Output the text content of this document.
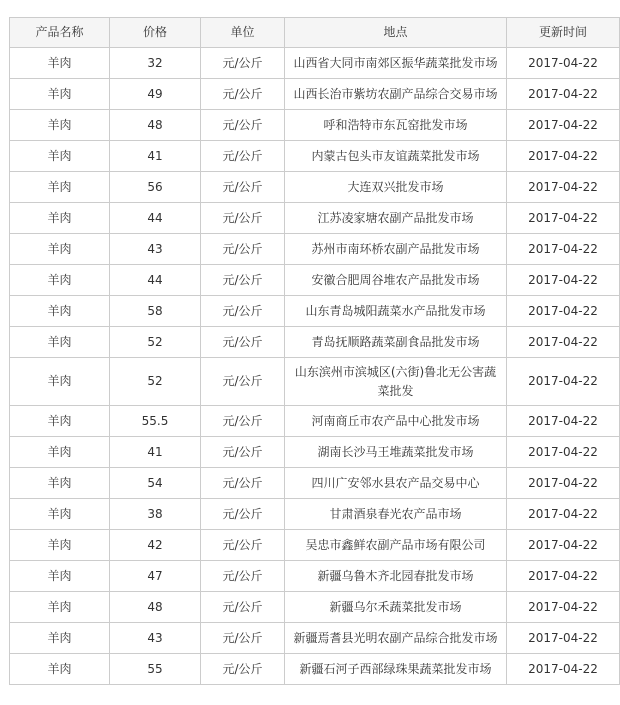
产品名称	价格	单位	地点	更新时间
羊肉	32	元/公斤	山西省大同市南郊区振华蔬菜批发市场	2017-04-22
羊肉	49	元/公斤	山西长治市紫坊农副产品综合交易市场	2017-04-22
羊肉	48	元/公斤	呼和浩特市东瓦窑批发市场	2017-04-22
羊肉	41	元/公斤	内蒙古包头市友谊蔬菜批发市场	2017-04-22
羊肉	56	元/公斤	大连双兴批发市场	2017-04-22
羊肉	44	元/公斤	江苏凌家塘农副产品批发市场	2017-04-22
羊肉	43	元/公斤	苏州市南环桥农副产品批发市场	2017-04-22
羊肉	44	元/公斤	安徽合肥周谷堆农产品批发市场	2017-04-22
羊肉	58	元/公斤	山东青岛城阳蔬菜水产品批发市场	2017-04-22
羊肉	52	元/公斤	青岛抚顺路蔬菜副食品批发市场	2017-04-22
羊肉	52	元/公斤	山东滨州市滨城区(六街)鲁北无公害蔬菜批发	2017-04-22
羊肉	55.5	元/公斤	河南商丘市农产品中心批发市场	2017-04-22
羊肉	41	元/公斤	湖南长沙马王堆蔬菜批发市场	2017-04-22
羊肉	54	元/公斤	四川广安邻水县农产品交易中心	2017-04-22
羊肉	38	元/公斤	甘肃酒泉春光农产品市场	2017-04-22
羊肉	42	元/公斤	吴忠市鑫鲜农副产品市场有限公司	2017-04-22
羊肉	47	元/公斤	新疆乌鲁木齐北园春批发市场	2017-04-22
羊肉	48	元/公斤	新疆乌尔禾蔬菜批发市场	2017-04-22
羊肉	43	元/公斤	新疆焉耆县光明农副产品综合批发市场	2017-04-22
羊肉	55	元/公斤	新疆石河子西部绿珠果蔬菜批发市场	2017-04-22
